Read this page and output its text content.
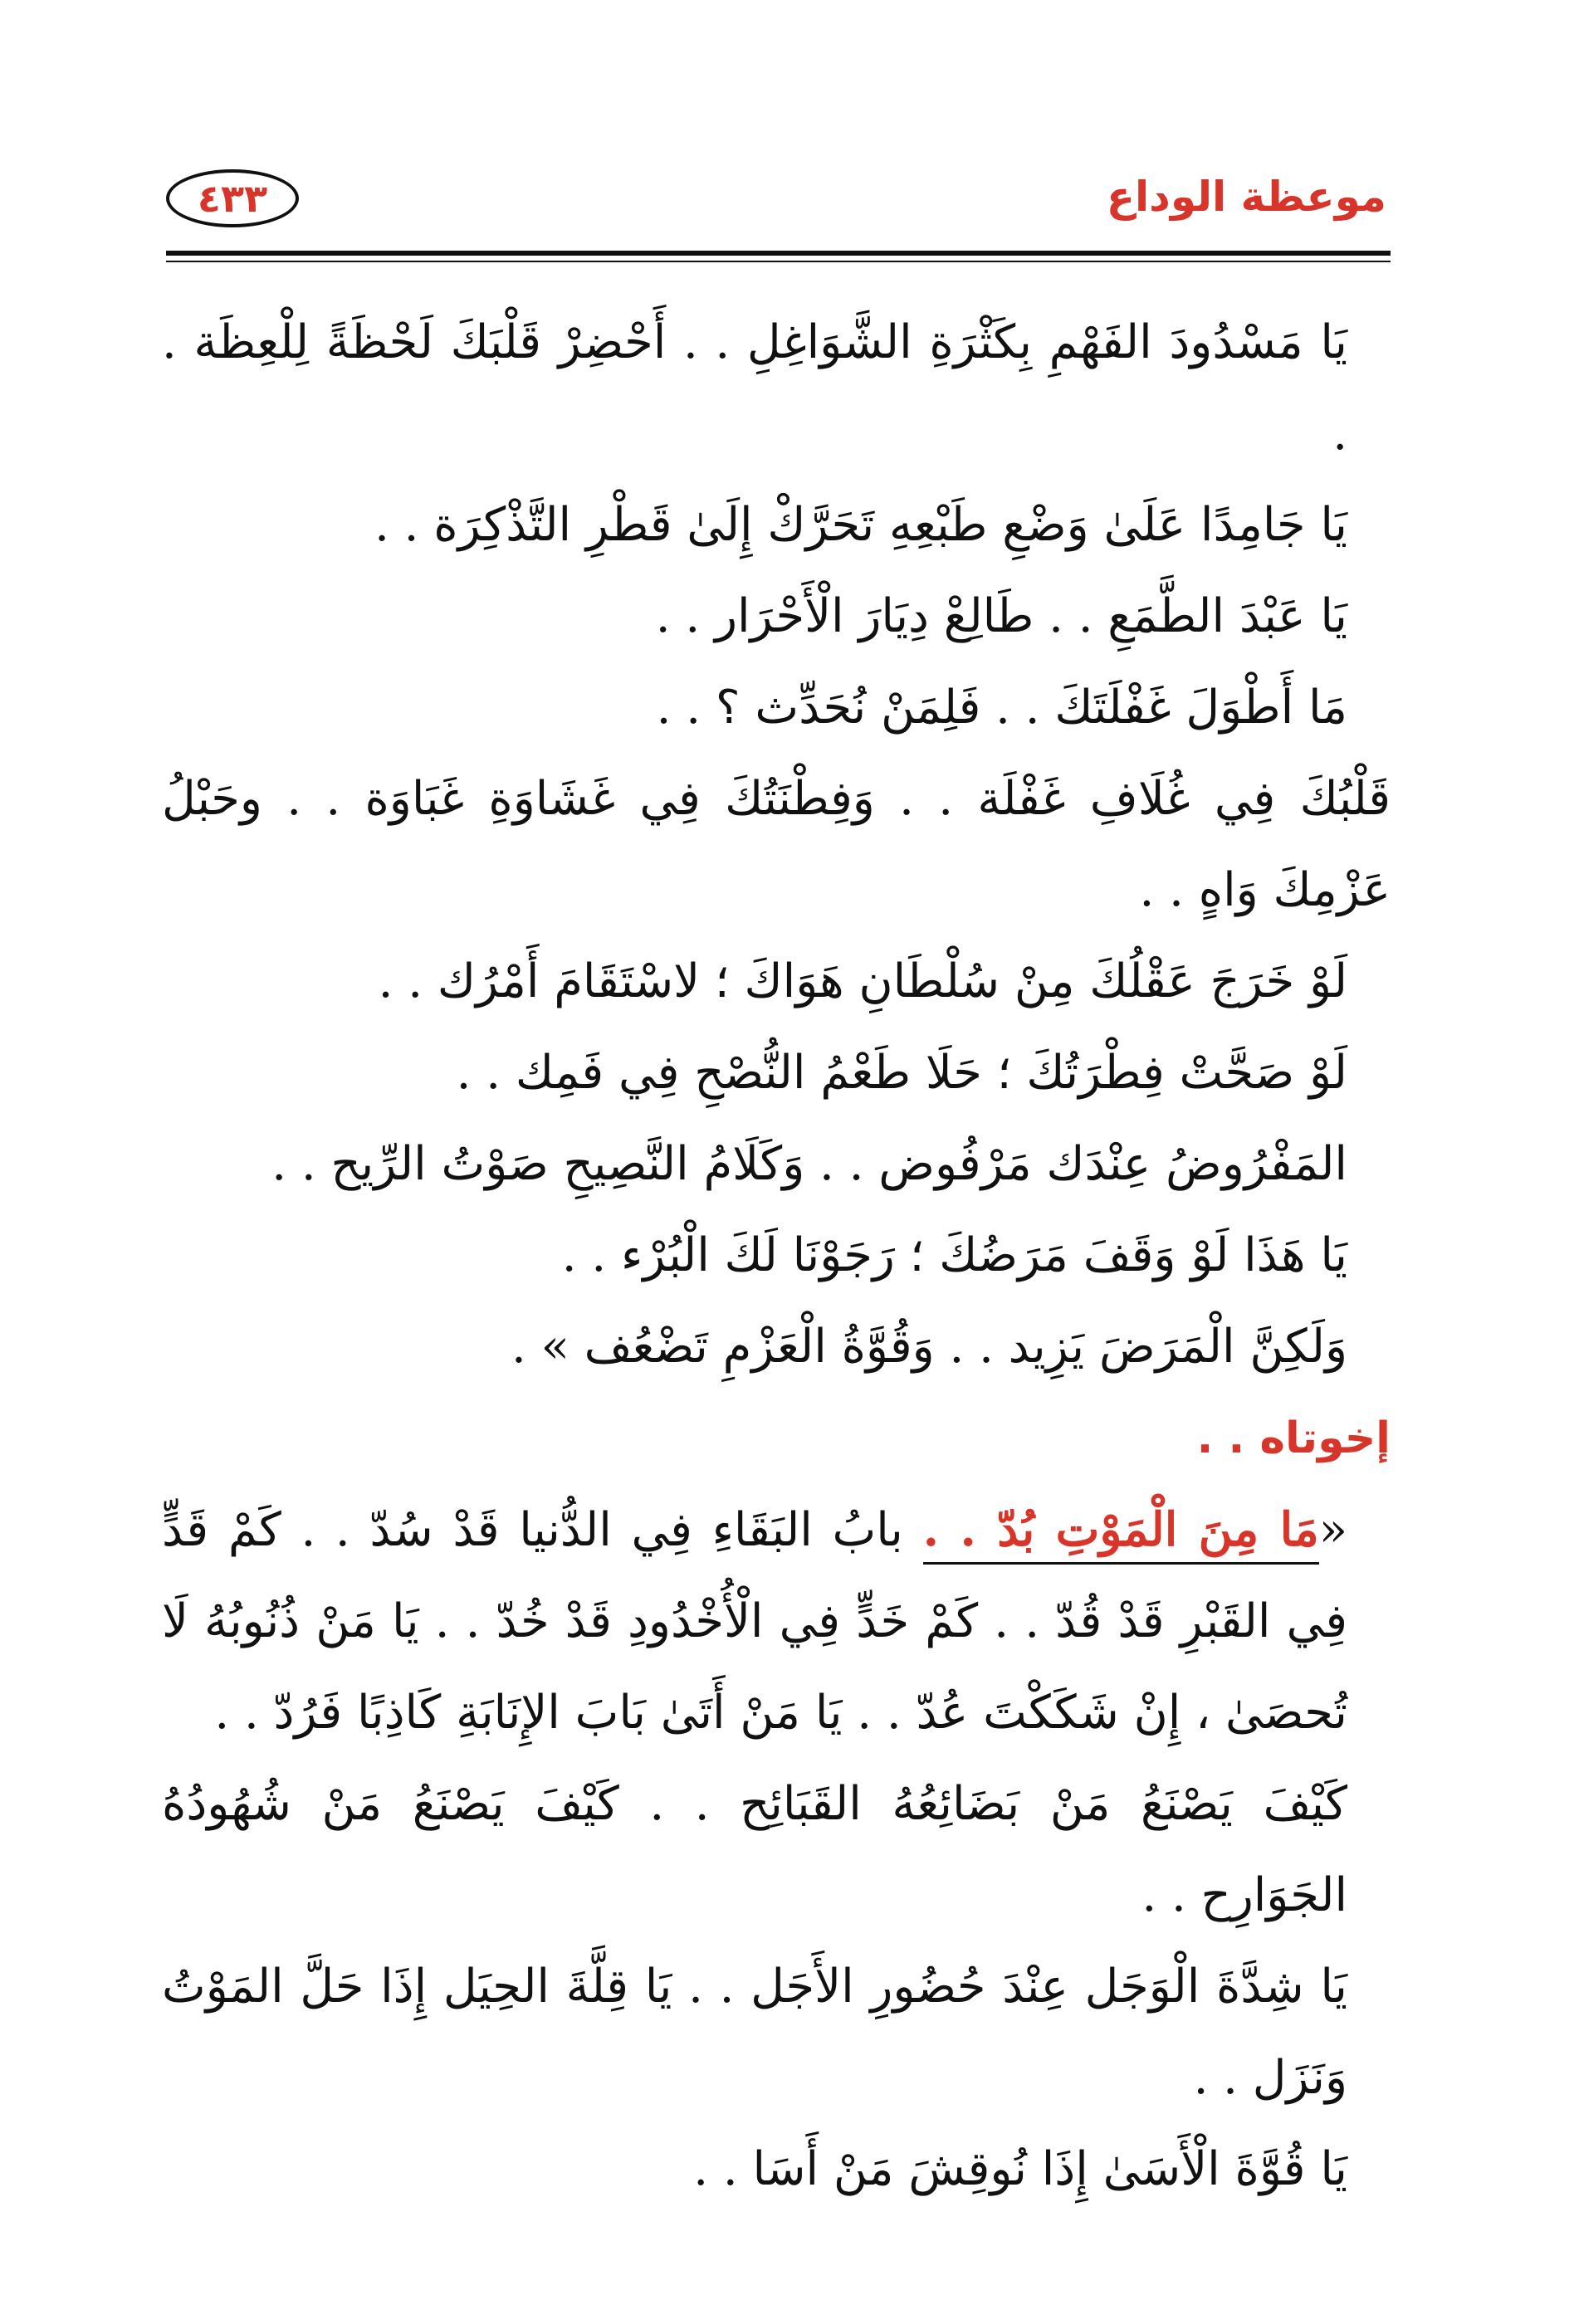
موعظة الوداع
٤٣٣

يَا مَسْدُودَ الفَهْمِ بِكَثْرَةِ الشَّوَاغِلِ . . أَحْضِرْ قَلْبَكَ لَحْظَةً لِلْعِظَة . .

يَا جَامِدًا عَلَىٰ وَضْعِ طَبْعِهِ تَحَرَّكْ إِلَىٰ قَطْرِ التَّذْكِرَة . .

يَا عَبْدَ الطَّمَعِ . . طَالِعْ دِيَارَ الْأَحْرَار . .

مَا أَطْوَلَ غَفْلَتَكَ . . فَلِمَنْ نُحَدِّث ؟ . .

قَلْبُكَ فِي غُلَافِ غَفْلَة . . وَفِطْنَتُكَ فِي غَشَاوَةِ غَبَاوَة . . وحَبْلُ عَزْمِكَ وَاهٍ . .

لَوْ خَرَجَ عَقْلُكَ مِنْ سُلْطَانِ هَوَاكَ ؛ لاسْتَقَامَ أَمْرُك . .

لَوْ صَحَّتْ فِطْرَتُكَ ؛ حَلَا طَعْمُ النُّصْحِ فِي فَمِك . .

المَفْرُوضُ عِنْدَك مَرْفُوض . . وَكَلَامُ النَّصِيحِ صَوْتُ الرِّيح . .

يَا هَذَا لَوْ وَقَفَ مَرَضُكَ ؛ رَجَوْنَا لَكَ الْبُرْء . .

وَلَكِنَّ الْمَرَضَ يَزِيد . . وَقُوَّةُ الْعَزْمِ تَضْعُف » .

إخوتاه . .

«مَا مِنَ الْمَوْتِ بُدّ . . بابُ البَقَاءِ فِي الدُّنيا قَدْ سُدّ . . كَمْ قَدٍّ فِي القَبْرِ قَدْ قُدّ . . كَمْ خَدٍّ فِي الْأُخْدُودِ قَدْ خُدّ . . يَا مَنْ ذُنُوبُهُ لَا تُحصَىٰ ، إِنْ شَكَكْتَ عُدّ . . يَا مَنْ أَتَىٰ بَابَ الإِنَابَةِ كَاذِبًا فَرُدّ . .

كَيْفَ يَصْنَعُ مَنْ بَضَائِعُهُ القَبَائِح . . كَيْفَ يَصْنَعُ مَنْ شُهُودُهُ الجَوَارِح . .

يَا شِدَّةَ الْوَجَل عِنْدَ حُضُورِ الأَجَل . . يَا قِلَّةَ الحِيَل إِذَا حَلَّ المَوْتُ وَنَزَل . .

يَا قُوَّةَ الْأَسَىٰ إِذَا نُوقِشَ مَنْ أَسَا . .
